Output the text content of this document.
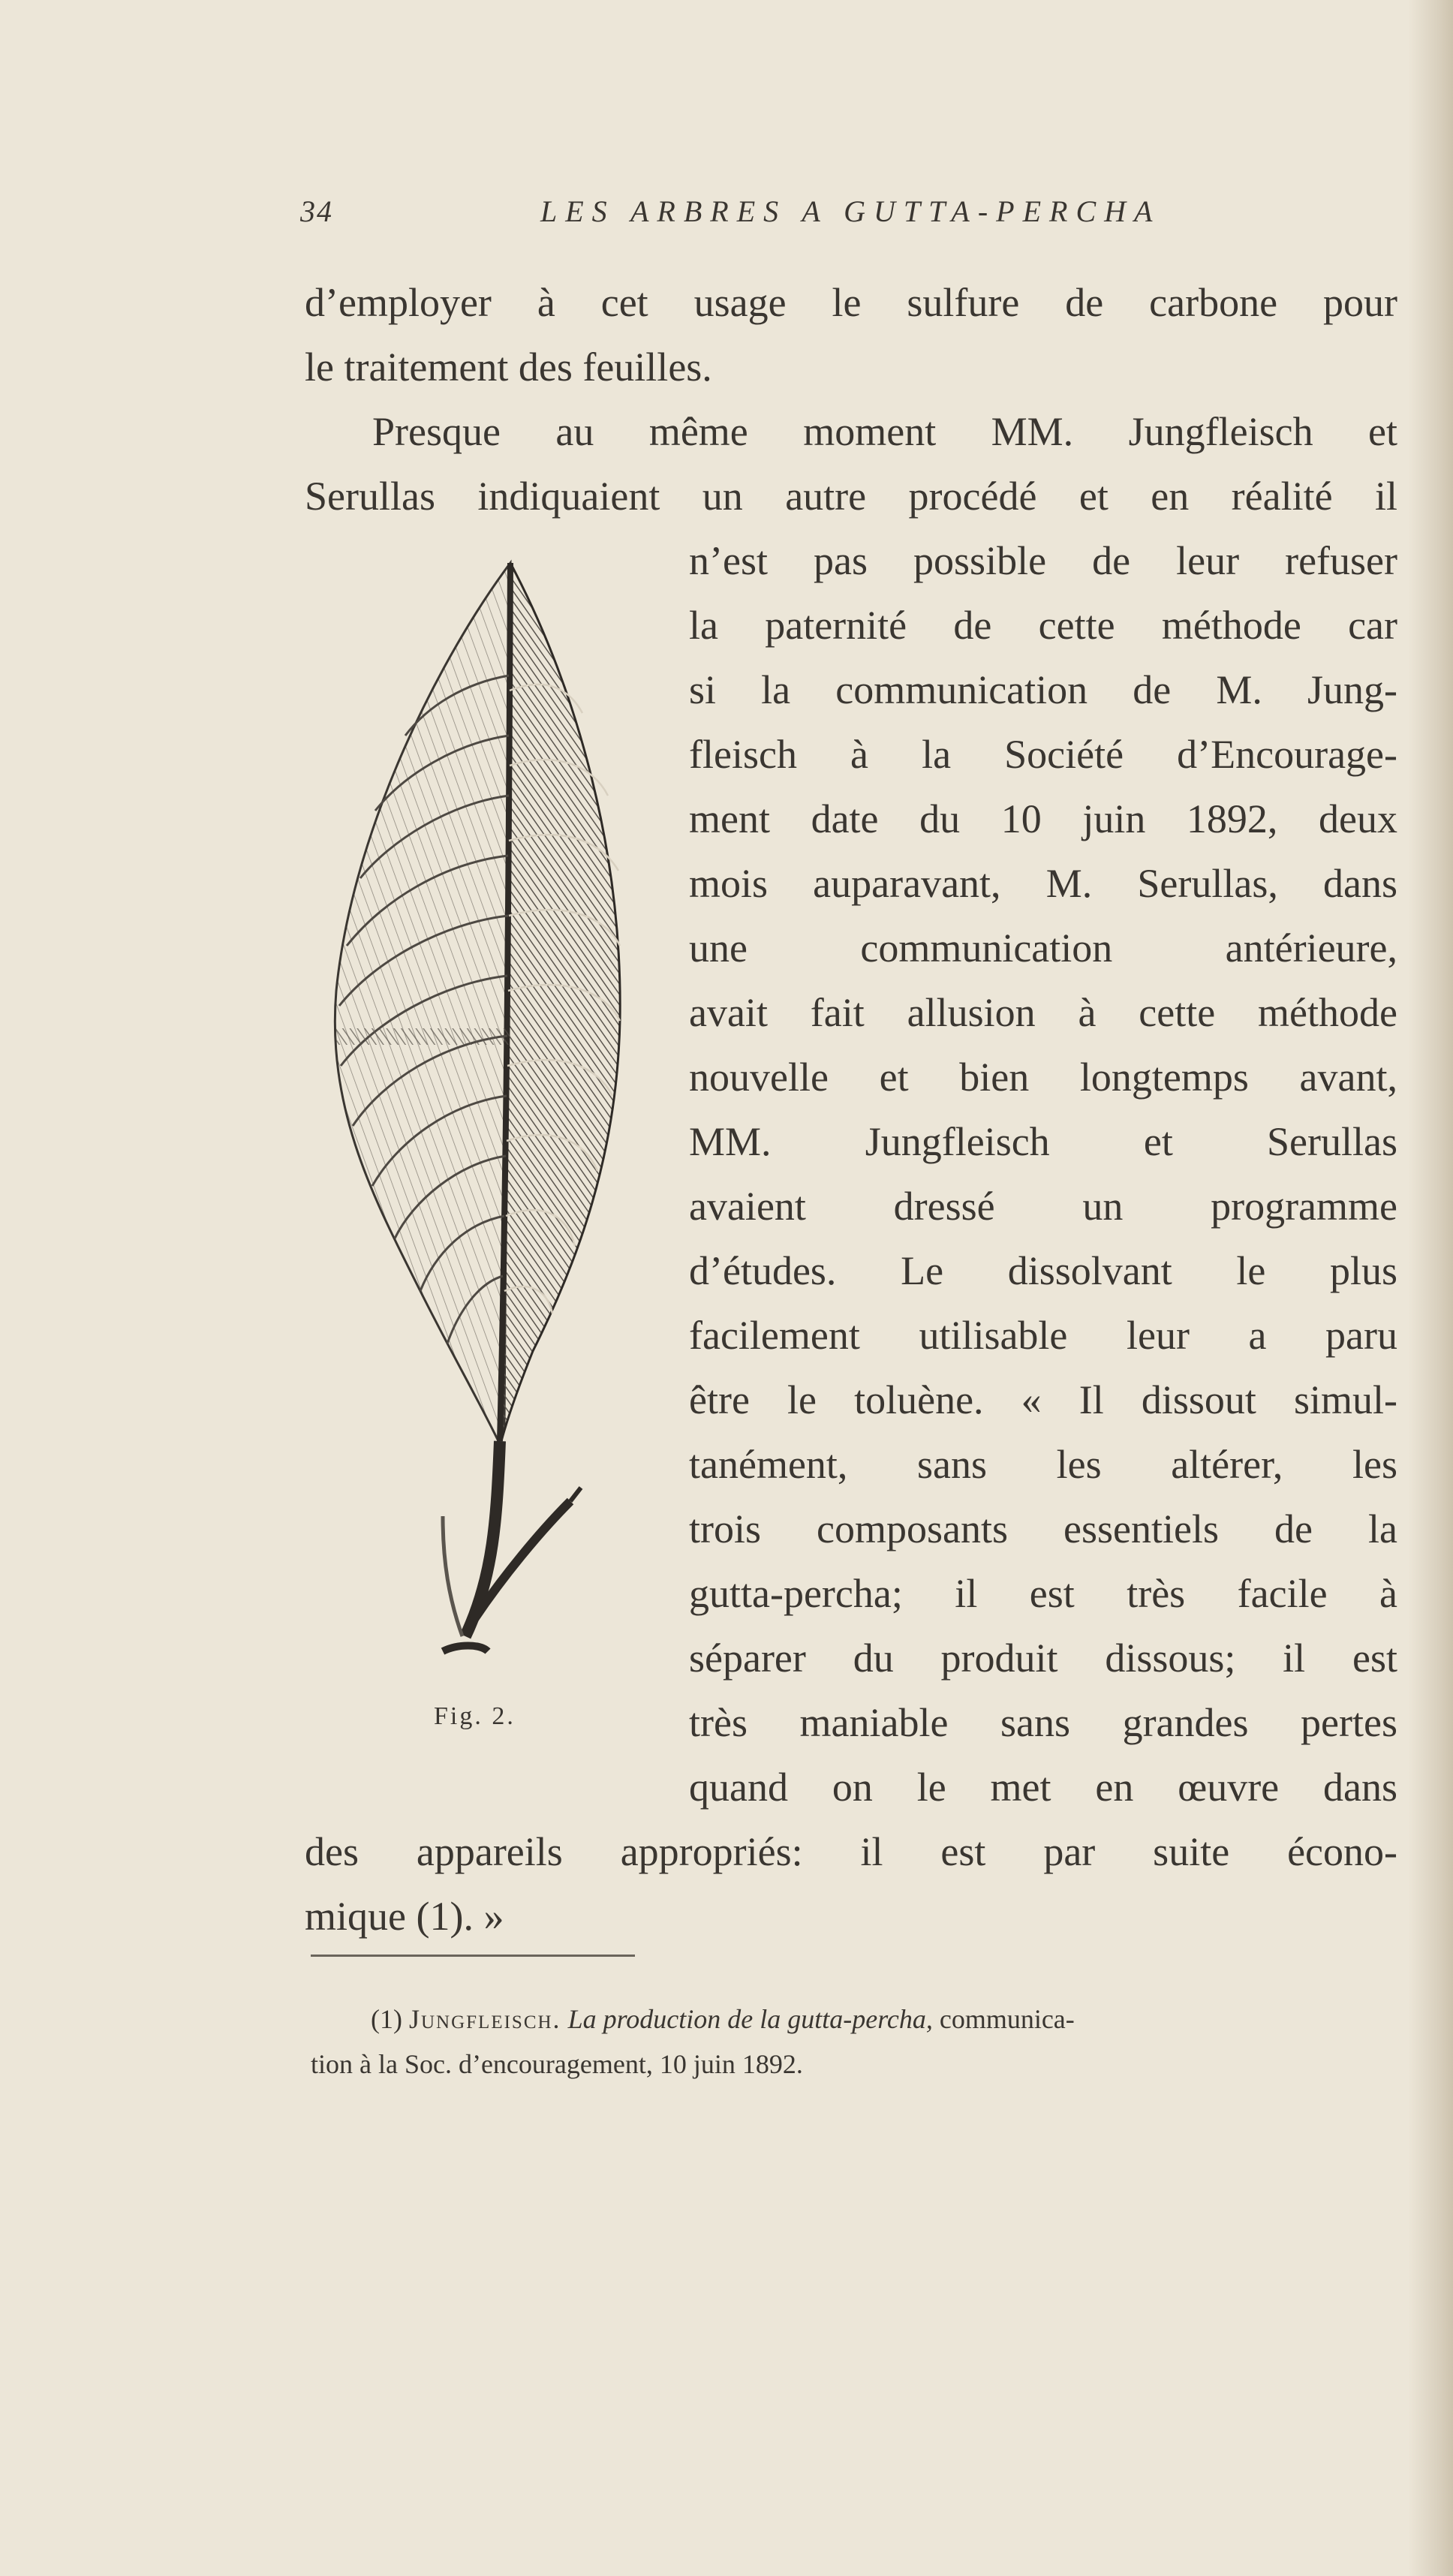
34	LES ARBRES A GUTTA-PERCHA
d’employer à cet usage le sulfure de carbone pour
le traitement des feuilles.
Presque au même moment MM. Jungfleisch et
Serullas indiquaient un autre procédé et en réalité il
n’est pas possible de leur refuser
la paternité de cette méthode car
si la communication de M. Jung-
fleisch à la Société d’Encourage-
ment date du 10 juin 1892, deux
mois auparavant, M. Serullas, dans
une communication antérieure,
avait fait allusion à cette méthode
nouvelle et bien longtemps avant,
MM. Jungfleisch et Serullas
avaient dressé un programme
d’études. Le dissolvant le plus
facilement utilisable leur a paru
être le toluène. « Il dissout simul-
tanément, sans les altérer, les
trois composants essentiels de la
gutta-percha; il est très facile à
séparer du produit dissous; il est
très maniable sans grandes pertes
quand on le met en œuvre dans
des appareils appropriés: il est par suite écono-
mique (1). »
Fig. 2.
(1) Jungfleisch. La production de la gutta-percha, communica-
tion à la Soc. d’encouragement, 10 juin 1892.
